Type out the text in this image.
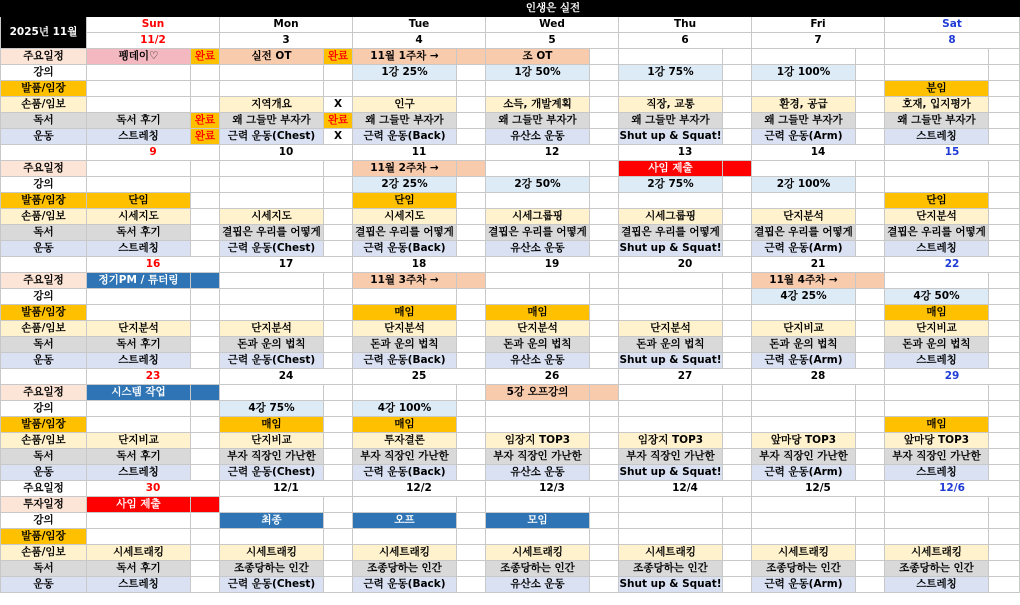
	인생은 실전													
2025년 11월	Sun		Mon		Tue		Wed		Thu		Fri		Sat	
	11/2		3		4		5		6		7		8	
주요일정	펭데이♡	완료	실전 OT	완료	11월 1주차 →		조 OT							
강의					1강 25%		1강 50%		1강 75%		1강 100%			
발품/임장													분임	
손품/임보			지역개요	X	인구		소득, 개발계획		직장, 교통		환경, 공급		호재, 입지평가	
독서	독서 후기	완료	왜 그들만 부자가	완료	왜 그들만 부자가		왜 그들만 부자가		왜 그들만 부자가		왜 그들만 부자가		왜 그들만 부자가	
운동	스트레칭	완료	근력 운동(Chest)	X	근력 운동(Back)		유산소 운동		Shut up & Squat!		근력 운동(Arm)		스트레칭	
	9		10		11		12		13		14		15	
주요일정					11월 2주차 →				사임 제출					
강의					2강 25%		2강 50%		2강 75%		2강 100%			
발품/임장	단임				단임								단임	
손품/임보	시세지도		시세지도		시세지도		시세그룹핑		시세그룹핑		단지분석		단지분석	
독서	독서 후기		결핍은 우리를 어떻게		결핍은 우리를 어떻게		결핍은 우리를 어떻게		결핍은 우리를 어떻게		결핍은 우리를 어떻게		결핍은 우리를 어떻게	
운동	스트레칭		근력 운동(Chest)		근력 운동(Back)		유산소 운동		Shut up & Squat!		근력 운동(Arm)		스트레칭	
	16		17		18		19		20		21		22	
주요일정	정기PM / 튜터링				11월 3주차 →						11월 4주차 →			
강의											4강 25%		4강 50%	
발품/임장					매임		매임						매임	
손품/임보	단지분석		단지분석		단지분석		단지분석		단지분석		단지비교		단지비교	
독서	독서 후기		돈과 운의 법칙		돈과 운의 법칙		돈과 운의 법칙		돈과 운의 법칙		돈과 운의 법칙		돈과 운의 법칙	
운동	스트레칭		근력 운동(Chest)		근력 운동(Back)		유산소 운동		Shut up & Squat!		근력 운동(Arm)		스트레칭	
	23		24		25		26		27		28		29	
주요일정	시스템 작업						5강 오프강의							
강의			4강 75%		4강 100%									
발품/임장			매임		매임								매임	
손품/임보	단지비교		단지비교		투자결론		임장지 TOP3		임장지 TOP3		앞마당 TOP3		앞마당 TOP3	
독서	독서 후기		부자 직장인 가난한		부자 직장인 가난한		부자 직장인 가난한		부자 직장인 가난한		부자 직장인 가난한		부자 직장인 가난한	
운동	스트레칭		근력 운동(Chest)		근력 운동(Back)		유산소 운동		Shut up & Squat!		근력 운동(Arm)		스트레칭	
주요일정	30		12/1		12/2		12/3		12/4		12/5		12/6	
투자일정	사임 제출													
강의			최종		오프		모임							
발품/임장														
손품/임보	시세트래킹		시세트래킹		시세트래킹		시세트래킹		시세트래킹		시세트래킹		시세트래킹	
독서	독서 후기		조종당하는 인간		조종당하는 인간		조종당하는 인간		조종당하는 인간		조종당하는 인간		조종당하는 인간	
운동	스트레칭		근력 운동(Chest)		근력 운동(Back)		유산소 운동		Shut up & Squat!		근력 운동(Arm)		스트레칭	
